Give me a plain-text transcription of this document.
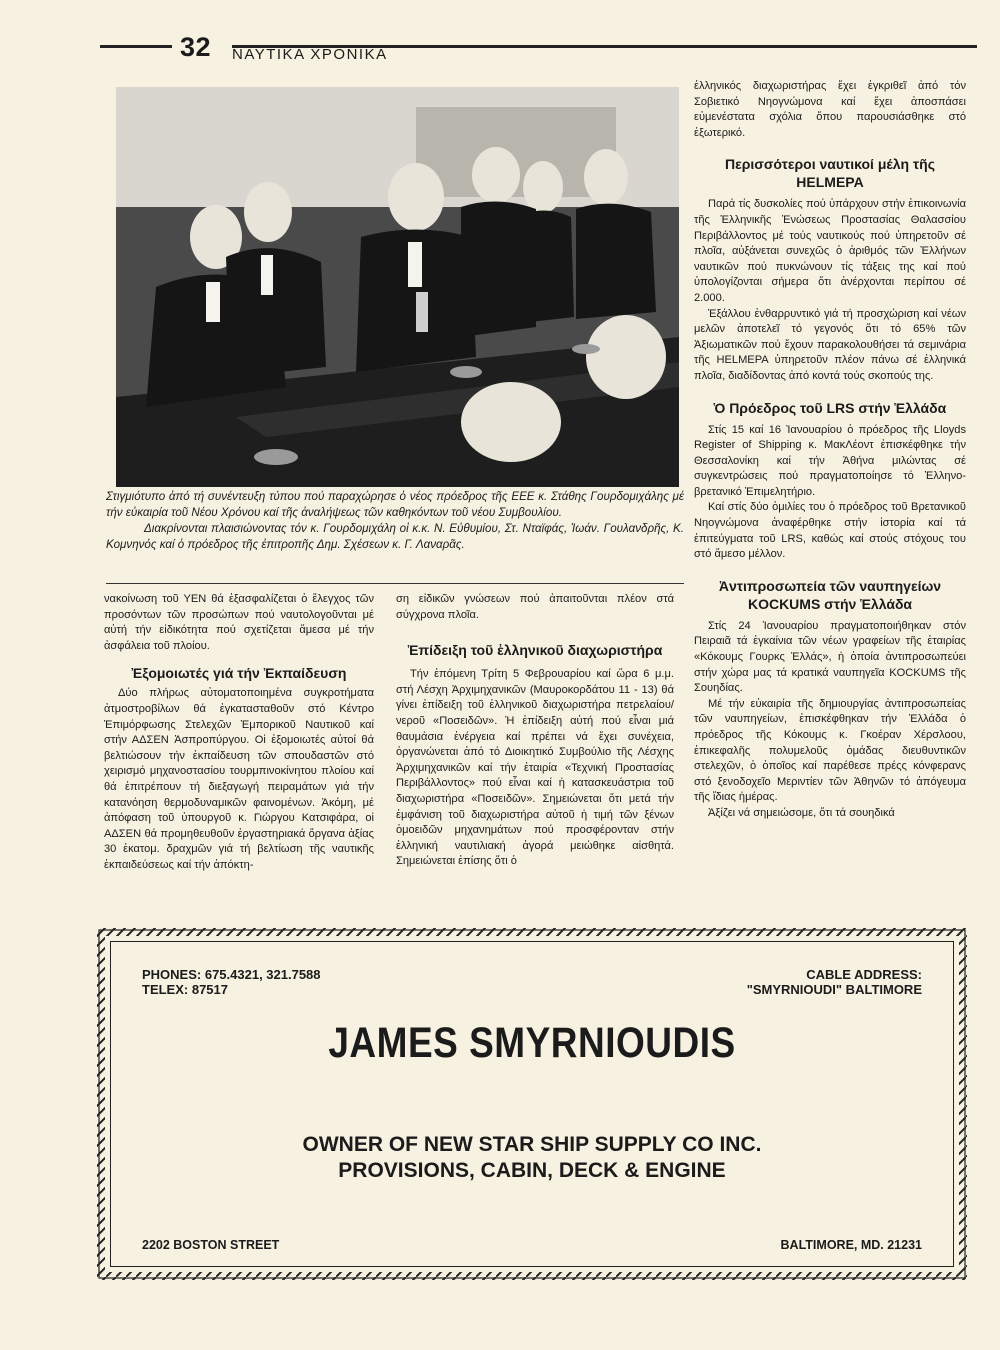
32 ΝΑΥΤΙΚΑ ΧΡΟΝΙΚΑ

Στιγμιότυπο ἀπό τή συνέντευξη τύπου πού παραχώρησε ὁ νέος πρόεδρος τῆς ΕΕΕ κ. Στάθης Γουρδομιχάλης μέ τήν εὐκαιρία τοῦ Νέου Χρόνου καί τῆς ἀναλήψεως τῶν καθηκόντων τοῦ νέου Συμβουλίου.

Διακρίνονται πλαισιώνοντας τόν κ. Γουρδομιχάλη οἱ κ.κ. Ν. Εὐθυμίου, Στ. Νταϊφάς, Ἰωάν. Γουλανδρῆς, Κ. Κομνηνός καί ὁ πρόεδρος τῆς ἐπιτροπῆς Δημ. Σχέσεων κ. Γ. Λαναρᾶς.

νακοίνωση τοῦ ΥΕΝ θά ἐξασφαλίζεται ὁ ἔλεγχος τῶν προσόντων τῶν προσώπων πού ναυτολογοῦνται μέ αὐτή τήν εἰδικότητα πού σχετίζεται ἄμεσα μέ τήν ἀσφάλεια τοῦ πλοίου.

Ἐξομοιωτές γιά τήν Ἐκπαίδευση

Δύο πλήρως αὐτοματοποιημένα συγκροτήματα ἀτμοστροβίλων θά ἐγκατασταθοῦν στό Κέντρο Ἐπιμόρφωσης Στελεχῶν Ἐμπορικοῦ Ναυτικοῦ καί στήν ΑΔΣΕΝ Ἀσπροπύργου. Οἱ ἐξομοιωτές αὐτοί θά βελτιώσουν τήν ἐκπαίδευση τῶν σπουδαστῶν στό χειρισμό μηχανοστασίου τουρμπινοκίνητου πλοίου καί θά ἐπιτρέπουν τή διεξαγωγή πειραμάτων γιά τήν κατανόηση θερμοδυναμικῶν φαινομένων. Ἀκόμη, μέ ἀπόφαση τοῦ ὑπουργοῦ κ. Γιώργου Κατσιφάρα, οἱ ΑΔΣΕΝ θά προμηθευθοῦν ἐργαστηριακά ὄργανα ἀξίας 30 ἑκατομ. δραχμῶν γιά τή βελτίωση τῆς ναυτικῆς ἐκπαιδεύσεως καί τήν ἀπόκτη-

ση εἰδικῶν γνώσεων πού ἀπαιτοῦνται πλέον στά σύγχρονα πλοῖα.

Ἐπίδειξη τοῦ ἑλληνικοῦ διαχωριστήρα

Τήν ἑπόμενη Τρίτη 5 Φεβρουαρίου καί ὥρα 6 μ.μ. στή Λέσχη Ἀρχιμηχανικῶν (Μαυροκορδάτου 11 - 13) θά γίνει ἐπίδειξη τοῦ ἑλληνικοῦ διαχωριστήρα πετρελαίου/νεροῦ «Ποσειδῶν». Ἡ ἐπίδειξη αὐτή πού εἶναι μιά θαυμάσια ἐνέργεια καί πρέπει νά ἔχει συνέχεια, ὀργανώνεται ἀπό τό Διοικητικό Συμβούλιο τῆς Λέσχης Ἀρχιμηχανικῶν καί τήν ἑταιρία «Τεχνική Προστασίας Περιβάλλοντος» πού εἶναι καί ἡ κατασκευάστρια τοῦ διαχωριστήρα «Ποσειδῶν». Σημειώνεται ὅτι μετά τήν ἐμφάνιση τοῦ διαχωριστήρα αὐτοῦ ἡ τιμή τῶν ξένων ὁμοειδῶν μηχανημάτων πού προσφέρονταν στήν ἑλληνική ναυτιλιακή ἀγορά μειώθηκε αἰσθητά. Σημειώνεται ἐπίσης ὅτι ὁ

ἑλληνικός διαχωριστήρας ἔχει ἐγκριθεῖ ἀπό τόν Σοβιετικό Νηογνώμονα καί ἔχει ἀποσπάσει εὐμενέστατα σχόλια ὅπου παρουσιάσθηκε στό ἐξωτερικό.

Περισσότεροι ναυτικοί μέλη τῆς HELMEPA

Παρά τίς δυσκολίες πού ὑπάρχουν στήν ἐπικοινωνία τῆς Ἑλληνικῆς Ἑνώσεως Προστασίας Θαλασσίου Περιβάλλοντος μέ τούς ναυτικούς πού ὑπηρετοῦν σέ πλοῖα, αὐξάνεται συνεχῶς ὁ ἀριθμός τῶν Ἑλλήνων ναυτικῶν πού πυκνώνουν τίς τάξεις της καί πού ὑπολογίζονται σήμερα ὅτι ἀνέρχονται περίπου σέ 2.000.

Ἐξάλλου ἐνθαρρυντικό γιά τή προσχώριση καί νέων μελῶν ἀποτελεῖ τό γεγονός ὅτι τό 65% τῶν Ἀξιωματικῶν πού ἔχουν παρακολουθήσει τά σεμινάρια τῆς HELMEPA ὑπηρετοῦν πλέον πάνω σέ ἑλληνικά πλοῖα, διαδίδοντας ἀπό κοντά τούς σκοπούς της.

Ὁ Πρόεδρος τοῦ LRS στήν Ἑλλάδα

Στίς 15 καί 16 Ἰανουαρίου ὁ πρόεδρος τῆς Lloyds Register of Shipping κ. ΜακΛέοντ ἐπισκέφθηκε τήν Θεσσαλονίκη καί τήν Ἀθήνα μιλώντας σέ συγκεντρώσεις πού πραγματοποίησε τό Ἑλληνο-βρετανικό Ἐπιμελητήριο.

Καί στίς δύο ὁμιλίες του ὁ πρόεδρος τοῦ Βρετανικοῦ Νηογνώμονα ἀναφέρθηκε στήν ἱστορία καί τά ἐπιτεύγματα τοῦ LRS, καθώς καί στούς στόχους του στό ἄμεσο μέλλον.

Ἀντιπροσωπεία τῶν ναυπηγείων KOCKUMS στήν Ἑλλάδα

Στίς 24 Ἰανουαρίου πραγματοποιήθηκαν στόν Πειραιᾶ τά ἐγκαίνια τῶν νέων γραφείων τῆς ἑταιρίας «Κόκουμς Γουρκς Ἑλλάς», ἡ ὁποία ἀντιπροσωπεύει στήν χώρα μας τά κρατικά ναυπηγεῖα KOCKUMS τῆς Σουηδίας.

Μέ τήν εὐκαιρία τῆς δημιουργίας ἀντιπροσωπείας τῶν ναυπηγείων, ἐπισκέφθηκαν τήν Ἑλλάδα ὁ πρόεδρος τῆς Κόκουμς κ. Γκοέραν Χέρσλοου, ἐπικεφαλῆς πολυμελοῦς ὁμάδας διευθυντικῶν στελεχῶν, ὁ ὁποῖος καί παρέθεσε πρέςς κόνφερανς στό ξενοδοχεῖο Μεριντίεν τῶν Ἀθηνῶν τό ἀπόγευμα τῆς ἴδιας ἡμέρας.

Ἀξίζει νά σημειώσομε, ὅτι τά σουηδικά

PHONES: 675.4321, 321.7588
TELEX: 87517
CABLE ADDRESS:
"SMYRNIOUDI" BALTIMORE
JAMES SMYRNIOUDIS
OWNER OF NEW STAR SHIP SUPPLY CO INC.
PROVISIONS, CABIN, DECK & ENGINE
2202 BOSTON STREET	BALTIMORE, MD. 21231
